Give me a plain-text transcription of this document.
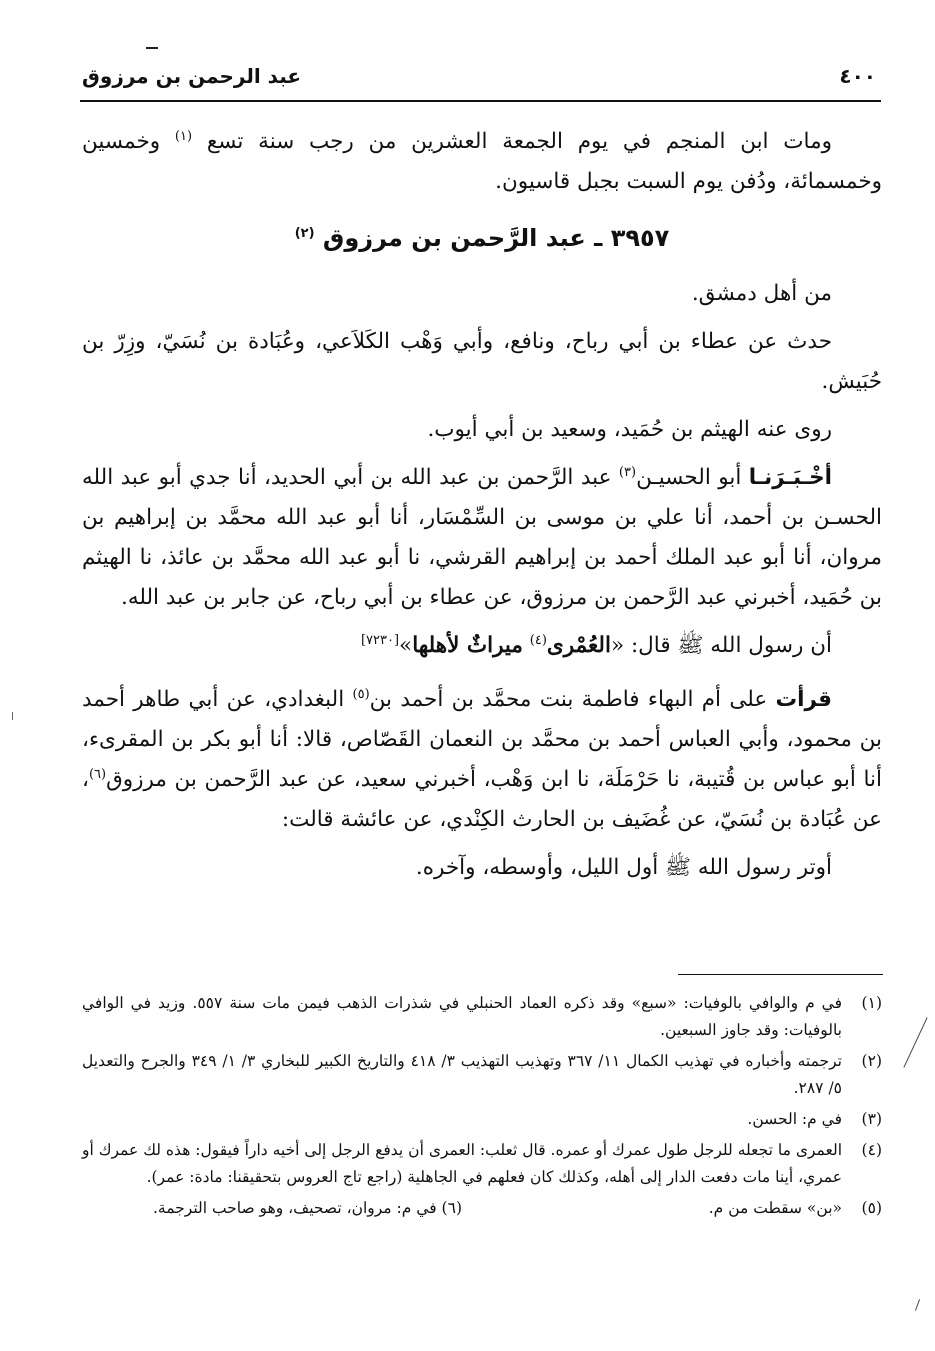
٤٠٠
عبد الرحمن بن مرزوق

ومات ابن المنجم في يوم الجمعة العشرين من رجب سنة تسع $^{(١)}$ وخمسين وخمسمائة، ودُفن يوم السبت بجبل قاسيون.

٣٩٥٧ ـ عبد الرَّحمن بن مرزوق $^{(٢)}$

من أهل دمشق.

حدث عن عطاء بن أبي رباح، ونافع، وأبي وَهْب الكَلاَعي، وعُبَادة بن نُسَيّ، وزِرّ بن حُبَيش.

روى عنه الهيثم بن حُمَيد، وسعيد بن أبي أيوب.

أخْـبَـرَنـا أبو الحسيـن$^{(٣)}$ عبد الرَّحمن بن عبد الله بن أبي الحديد، أنا جدي أبو عبد الله الحسـن بن أحمد، أنا علي بن موسى بن السِّمْسَار، أنا أبو عبد الله محمَّد بن إبراهيم بن مروان، أنا أبو عبد الملك أحمد بن إبراهيم القرشي، نا أبو عبد الله محمَّد بن عائذ، نا الهيثم بن حُمَيد، أخبرني عبد الرَّحمن بن مرزوق، عن عطاء بن أبي رباح، عن جابر بن عبد الله.

أن رسول الله ﷺ قال: «العُمْرى$^{(٤)}$ ميراثٌ لأهلها»[٧٢٣٠]

قرأت على أم البهاء فاطمة بنت محمَّد بن أحمد بن$^{(٥)}$ البغدادي، عن أبي طاهر أحمد بن محمود، وأبي العباس أحمد بن محمَّد بن النعمان القَصّاص، قالا: أنا أبو بكر بن المقرىء، أنا أبو عباس بن قُتيبة، نا حَرْمَلَة، نا ابن وَهْب، أخبرني سعيد، عن عبد الرَّحمن بن مرزوق$^{(٦)}$، عن عُبَادة بن نُسَيّ، عن غُضَيف بن الحارث الكِنْدي، عن عائشة قالت:

أوتر رسول الله ﷺ أول الليل، وأوسطه، وآخره.

(١)
في م والوافي بالوفيات: «سبع» وقد ذكره العماد الحنبلي في شذرات الذهب فيمن مات سنة ٥٥٧. وزيد في الوافي بالوفيات: وقد جاوز السبعين.

(٢)
ترجمته وأخباره في تهذيب الكمال ١١/ ٣٦٧ وتهذيب التهذيب ٣/ ٤١٨ والتاريخ الكبير للبخاري ٣/ ١/ ٣٤٩ والجرح والتعديل ٥/ ٢٨٧.

(٣)
في م: الحسن.

(٤)
العمرى ما تجعله للرجل طول عمرك أو عمره. قال ثعلب: العمرى أن يدفع الرجل إلى أخيه داراً فيقول: هذه لك عمرك أو عمري، أينا مات دفعت الدار إلى أهله، وكذلك كان فعلهم في الجاهلية (راجع تاج العروس بتحقيقنا: مادة: عمر).

(٥)
«بن» سقطت من م.
(٦) في م: مروان، تصحيف، وهو صاحب الترجمة.
